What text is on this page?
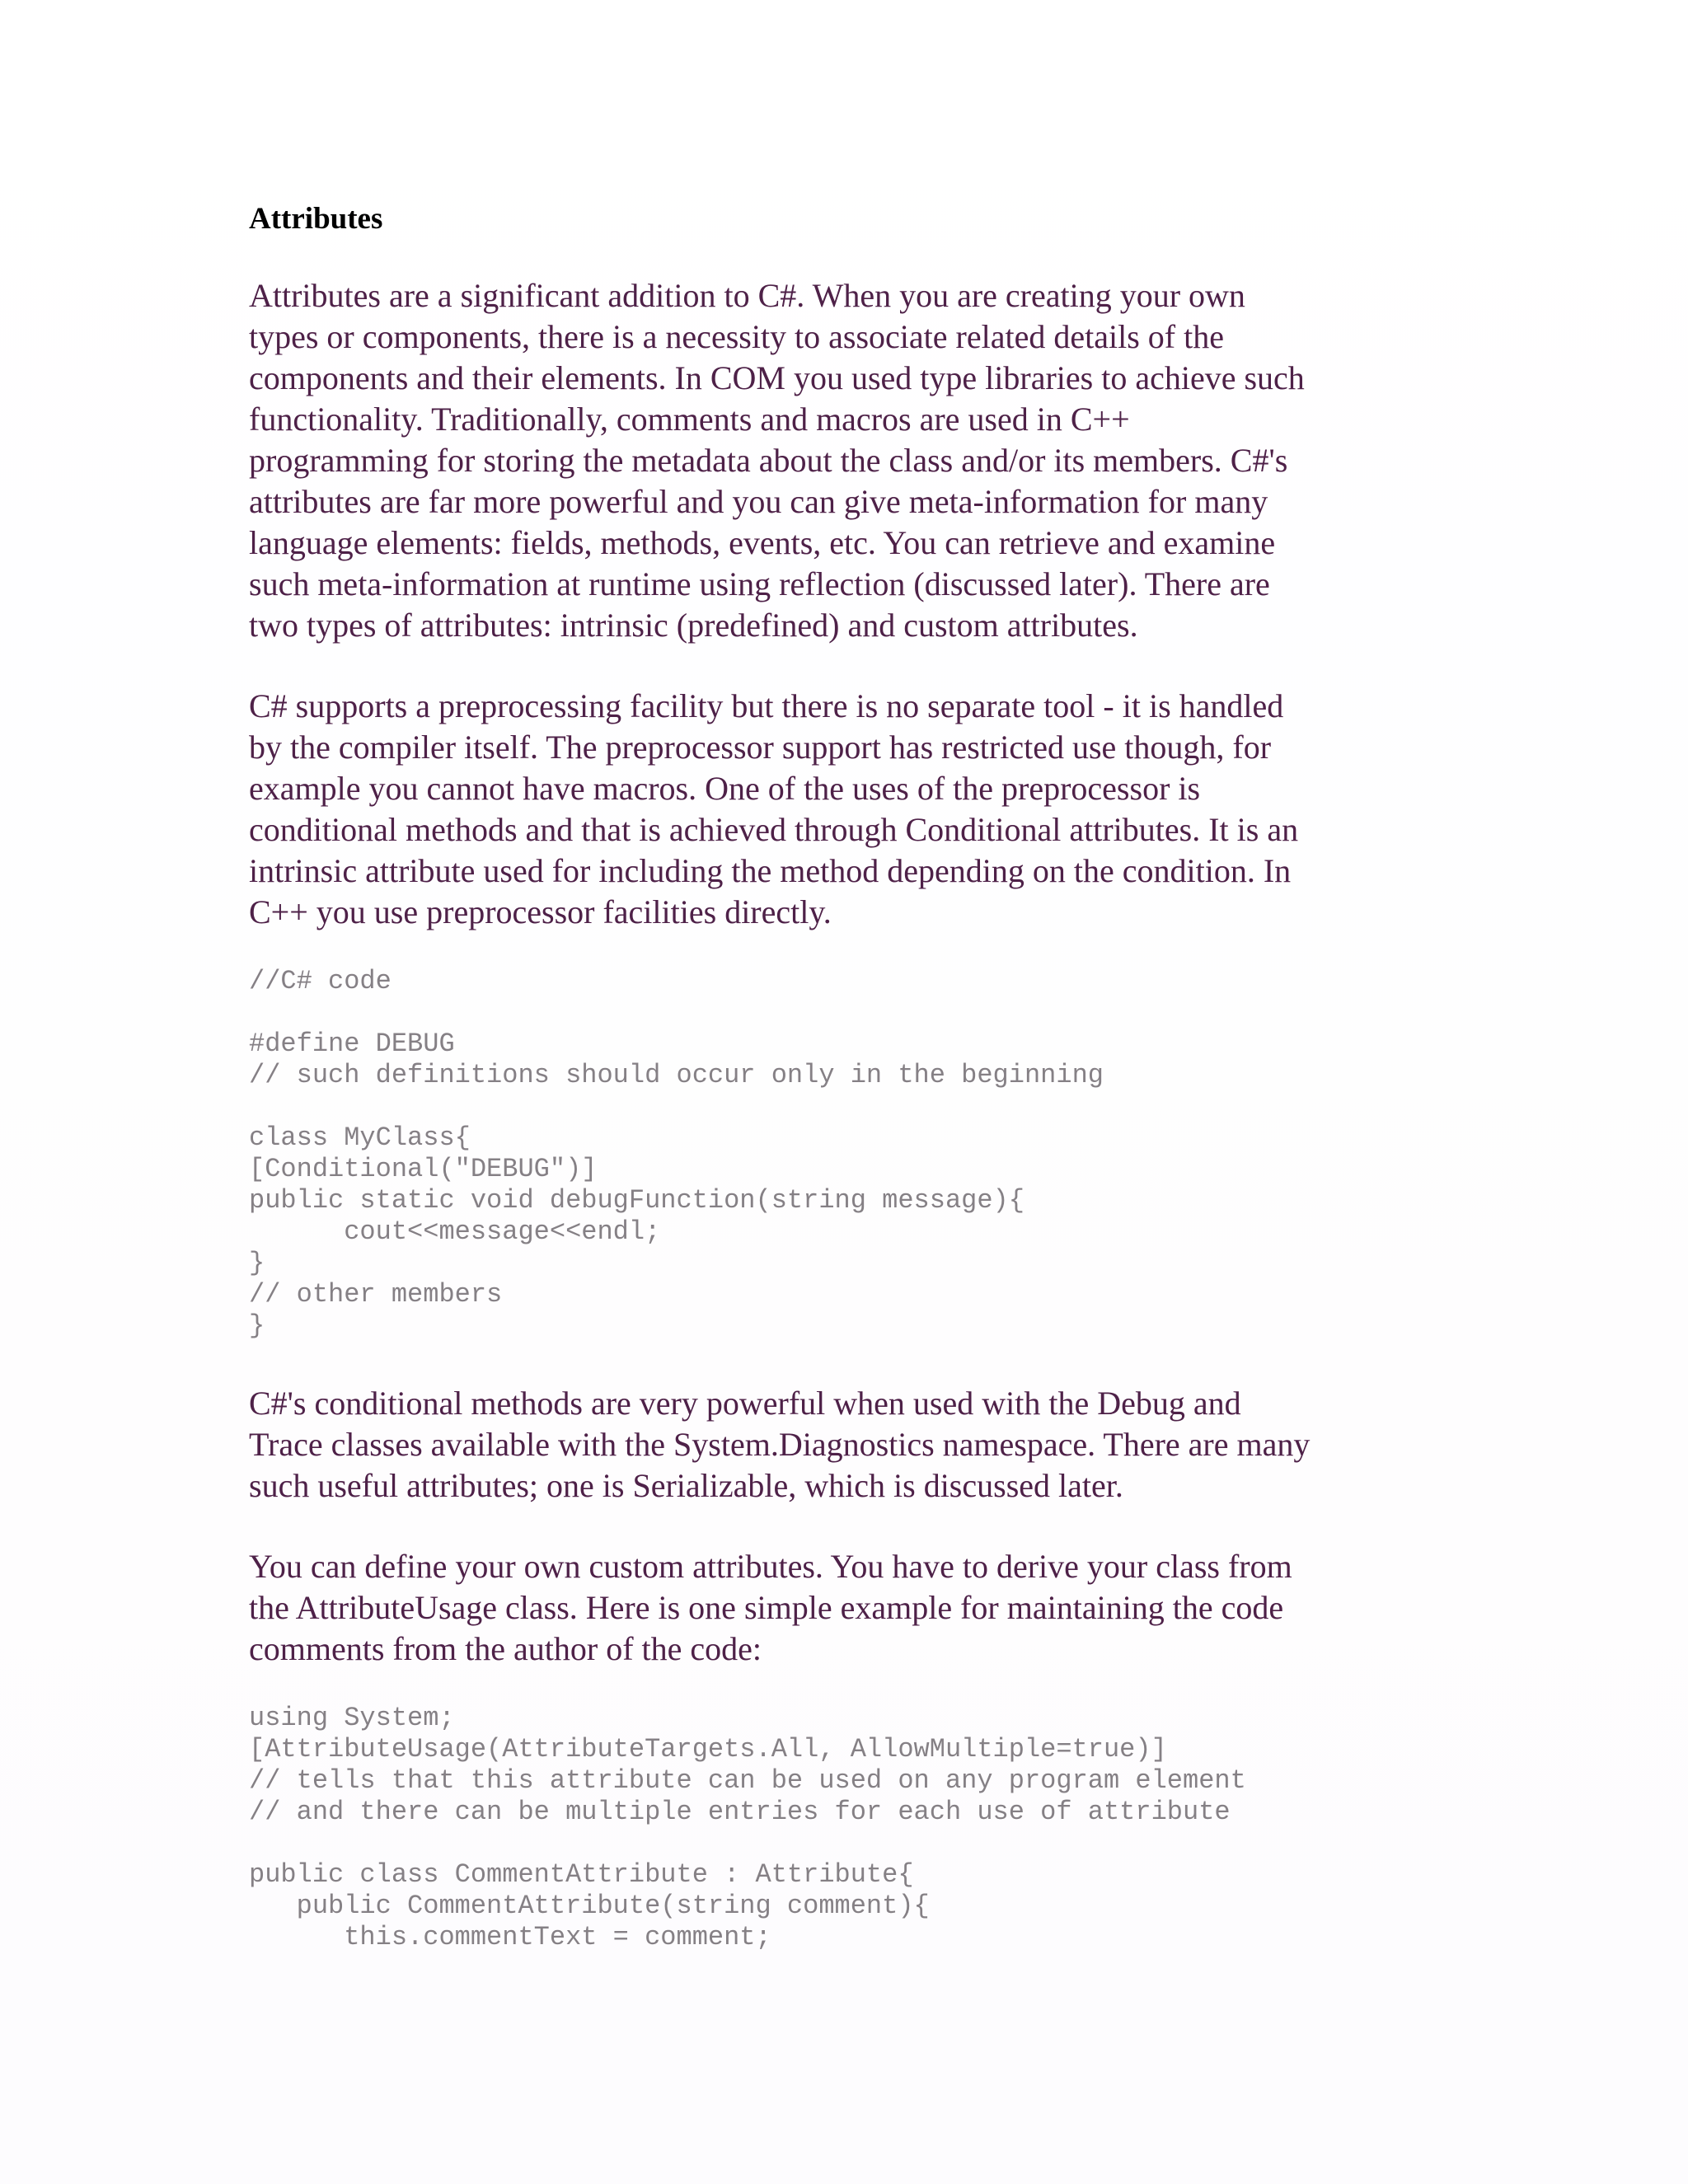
Attributes
Attributes are a significant addition to C#. When you are creating your own
types or components, there is a necessity to associate related details of the
components and their elements. In COM you used type libraries to achieve such
functionality. Traditionally, comments and macros are used in C++
programming for storing the metadata about the class and/or its members. C#'s
attributes are far more powerful and you can give meta-information for many
language elements: fields, methods, events, etc. You can retrieve and examine
such meta-information at runtime using reflection (discussed later). There are
two types of attributes: intrinsic (predefined) and custom attributes.
C# supports a preprocessing facility but there is no separate tool - it is handled
by the compiler itself. The preprocessor support has restricted use though, for
example you cannot have macros. One of the uses of the preprocessor is
conditional methods and that is achieved through Conditional attributes. It is an
intrinsic attribute used for including the method depending on the condition. In
C++ you use preprocessor facilities directly.
//C# code

#define DEBUG
// such definitions should occur only in the beginning

class MyClass{
[Conditional("DEBUG")]
public static void debugFunction(string message){
cout<<message<<endl;
}
// other members
}
C#'s conditional methods are very powerful when used with the Debug and
Trace classes available with the System.Diagnostics namespace. There are many
such useful attributes; one is Serializable, which is discussed later.
You can define your own custom attributes. You have to derive your class from
the AttributeUsage class. Here is one simple example for maintaining the code
comments from the author of the code:
using System;
[AttributeUsage(AttributeTargets.All, AllowMultiple=true)]
// tells that this attribute can be used on any program element
// and there can be multiple entries for each use of attribute

public class CommentAttribute : Attribute{
public CommentAttribute(string comment){
this.commentText = comment;
